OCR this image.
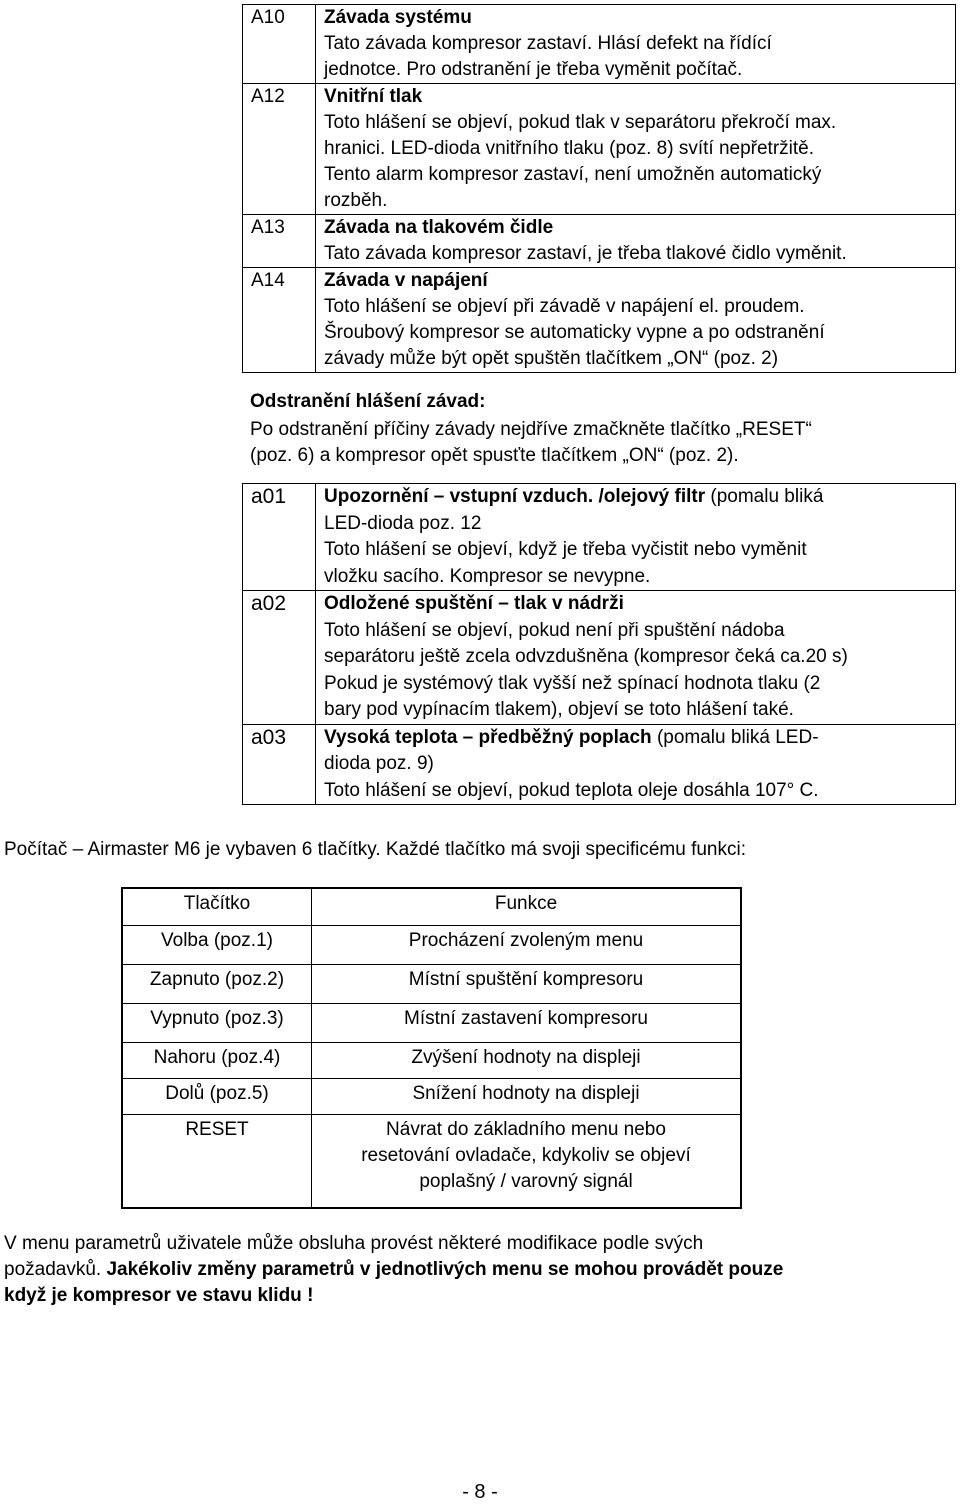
A10	Závada systému
Tato závada kompresor zastaví. Hlásí defekt na řídící
jednotce. Pro odstranění je třeba vyměnit počítač.

A12	Vnitřní tlak
Toto hlášení se objeví, pokud tlak v separátoru překročí max.
hranici. LED-dioda vnitřního tlaku (poz. 8) svítí nepřetržitě.
Tento alarm kompresor zastaví, není umožněn automatický
rozběh.

A13	Závada na tlakovém čidle
Tato závada kompresor zastaví, je třeba tlakové čidlo vyměnit.

A14	Závada v napájení
Toto hlášení se objeví při závadě v napájení el. proudem.
Šroubový kompresor se automaticky vypne a po odstranění
závady může být opět spuštěn tlačítkem „ON“ (poz. 2)
Odstranění hlášení závad:
Po odstranění příčiny závady nejdříve zmačkněte tlačítko „RESET“
(poz. 6) a kompresor opět spusťte tlačítkem „ON“ (poz. 2).
a01	Upozornění – vstupní vzduch. /olejový filtr (pomalu bliká
LED-dioda poz. 12
Toto hlášení se objeví, když je třeba vyčistit nebo vyměnit
vložku sacího. Kompresor se nevypne.

a02	Odložené spuštění – tlak v nádrži
Toto hlášení se objeví, pokud není při spuštění nádoba
separátoru ještě zcela odvzdušněna (kompresor čeká ca.20 s)
Pokud je systémový tlak vyšší než spínací hodnota tlaku (2
bary pod vypínacím tlakem), objeví se toto hlášení také.

a03	Vysoká teplota – předběžný poplach (pomalu bliká LED-
dioda poz. 9)
Toto hlášení se objeví, pokud teplota oleje dosáhla 107° C.
Počítač – Airmaster M6 je vybaven 6 tlačítky. Každé tlačítko má svoji specificému funkci:
Tlačítko	Funkce
Volba (poz.1)	Procházení zvoleným menu
Zapnuto (poz.2)	Místní spuštění kompresoru
Vypnuto (poz.3)	Místní zastavení kompresoru
Nahoru (poz.4)	Zvýšení hodnoty na displeji
Dolů (poz.5)	Snížení hodnoty na displeji
RESET	Návrat do základního menu nebo
resetování ovladače, kdykoliv se objeví
poplašný / varovný signál
V menu parametrů uživatele může obsluha provést některé modifikace podle svých
požadavků. Jakékoliv změny parametrů v jednotlivých menu se mohou provádět pouze
když je kompresor ve stavu klidu !
- 8 -
